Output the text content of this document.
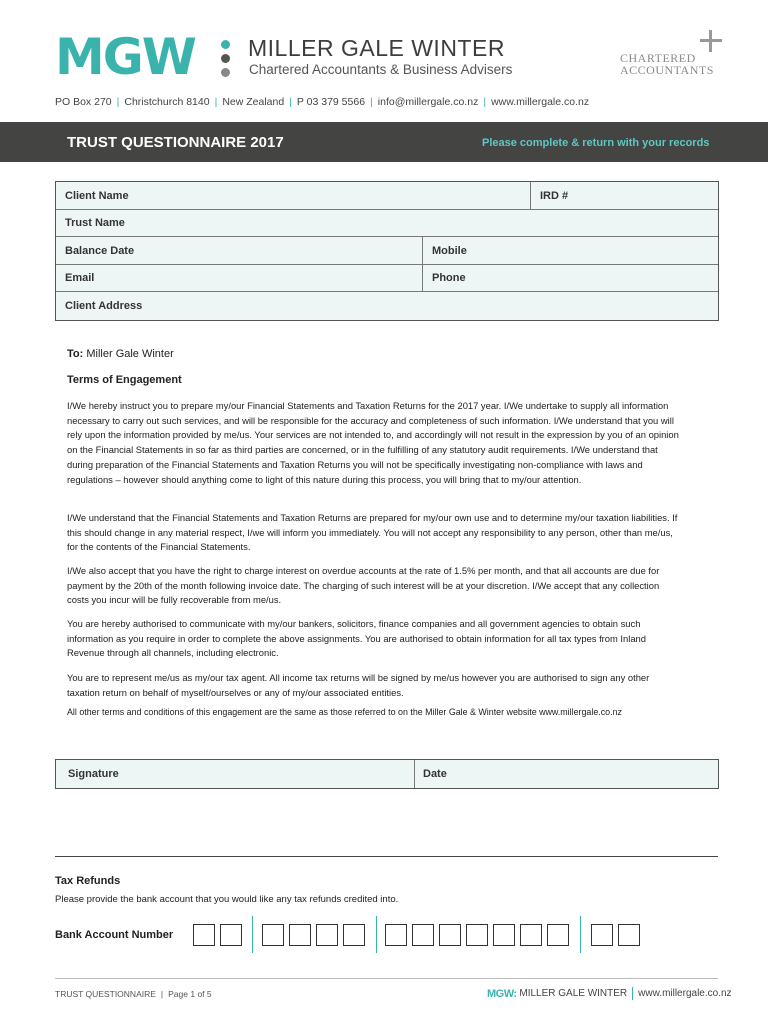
MGW MILLER GALE WINTER
Chartered Accountants & Business Advisers
CHARTERED
ACCOUNTANTS
PO Box 270 | Christchurch 8140 | New Zealand | P 03 379 5566 | info@millergale.co.nz | www.millergale.co.nz
TRUST QUESTIONNAIRE 2017	Please complete & return with your records
Client Name	IRD #
Trust Name
Balance Date	Mobile
Email	Phone
Client Address
To: Miller Gale Winter
Terms of Engagement
I/We hereby instruct you to prepare my/our Financial Statements and Taxation Returns for the 2017 year. I/We undertake to supply all information necessary to carry out such services, and will be responsible for the accuracy and completeness of such information. I/We understand that you will rely upon the information provided by me/us. Your services are not intended to, and accordingly will not result in the expression by you of an opinion on the Financial Statements in so far as third parties are concerned, or in the fulfilling of any statutory audit requirements. I/We understand that during preparation of the Financial Statements and Taxation Returns you will not be specifically investigating non-compliance with laws and regulations – however should anything come to light of this nature during this process, you will bring that to my/our attention.
I/We understand that the Financial Statements and Taxation Returns are prepared for my/our own use and to determine my/our taxation liabilities. If this should change in any material respect, I/we will inform you immediately. You will not accept any responsibility to any person, other than me/us, for the contents of the Financial Statements.
I/We also accept that you have the right to charge interest on overdue accounts at the rate of 1.5% per month, and that all accounts are due for payment by the 20th of the month following invoice date. The charging of such interest will be at your discretion. I/We accept that any collection costs you incur will be fully recoverable from me/us.
You are hereby authorised to communicate with my/our bankers, solicitors, finance companies and all government agencies to obtain such information as you require in order to complete the above assignments. You are authorised to obtain information for all tax types from Inland Revenue through all channels, including electronic.
You are to represent me/us as my/our tax agent. All income tax returns will be signed by me/us however you are authorised to sign any other taxation return on behalf of myself/ourselves or any of my/our associated entities.
All other terms and conditions of this engagement are the same as those referred to on the Miller Gale & Winter website www.millergale.co.nz
Signature	Date
Tax Refunds
Please provide the bank account that you would like any tax refunds credited into.
Bank Account Number
TRUST QUESTIONNAIRE | Page 1 of 5	MGW:
MILLER GALE WINTER www.millergale.co.nz
